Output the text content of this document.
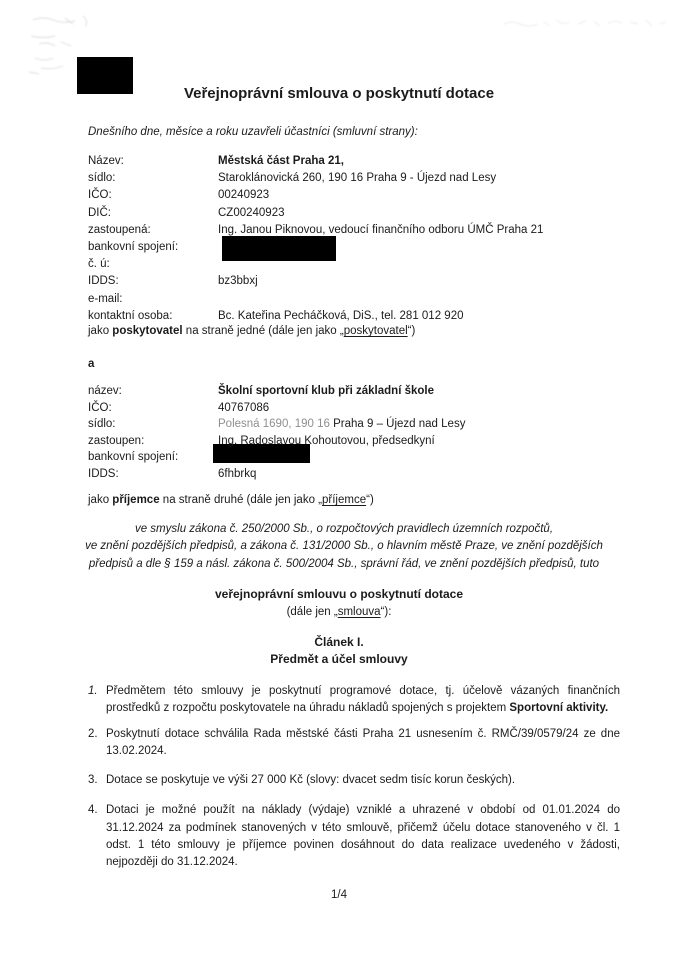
Veřejnoprávní smlouva o poskytnutí dotace
Dnešního dne, měsíce a roku uzavřeli účastníci (smluvní strany):
Název:	Městská část Praha 21,
sídlo:	Staroklánovická 260, 190 16 Praha 9 - Újezd nad Lesy
IČO:	00240923
DIČ:	CZ00240923
zastoupená:	Ing. Janou Piknovou, vedoucí finančního odboru ÚMČ Praha 21
bankovní spojení:
č. ú:
IDDS:	bz3bbxj
e-mail:
kontaktní osoba:	Bc. Kateřina Pecháčková, DiS., tel. 281 012 920
jako poskytovatel na straně jedné (dále jen jako „poskytovatel“)
a
název:	Školní sportovní klub při základní škole
IČO:	40767086
sídlo:	Polesná 1690, 190 16 Praha 9 – Újezd nad Lesy
zastoupen:	Ing. Radoslavou Kohoutovou, předsedkyní
bankovní spojení:
IDDS:	6fhbrkq
jako příjemce na straně druhé (dále jen jako „příjemce“)
ve smyslu zákona č. 250/2000 Sb., o rozpočtových pravidlech územních rozpočtů,
ve znění pozdějších předpisů, a zákona č. 131/2000 Sb., o hlavním městě Praze, ve znění pozdějších
předpisů a dle § 159 a násl. zákona č. 500/2004 Sb., správní řád, ve znění pozdějších předpisů, tuto
veřejnoprávní smlouvu o poskytnutí dotace
(dále jen „smlouva“):
Článek I.
Předmět a účel smlouvy
1. Předmětem této smlouvy je poskytnutí programové dotace, tj. účelově vázaných finančních prostředků z rozpočtu poskytovatele na úhradu nákladů spojených s projektem Sportovní aktivity.
2. Poskytnutí dotace schválila Rada městské části Praha 21 usnesením č. RMČ/39/0579/24 ze dne 13.02.2024.
3. Dotace se poskytuje ve výši 27 000 Kč (slovy: dvacet sedm tisíc korun českých).
4. Dotaci je možné použít na náklady (výdaje) vzniklé a uhrazené v období od 01.01.2024 do 31.12.2024 za podmínek stanovených v této smlouvě, přičemž účelu dotace stanoveného v čl. 1 odst. 1 této smlouvy je příjemce povinen dosáhnout do data realizace uvedeného v žádosti, nejpozději do 31.12.2024.
1/4
